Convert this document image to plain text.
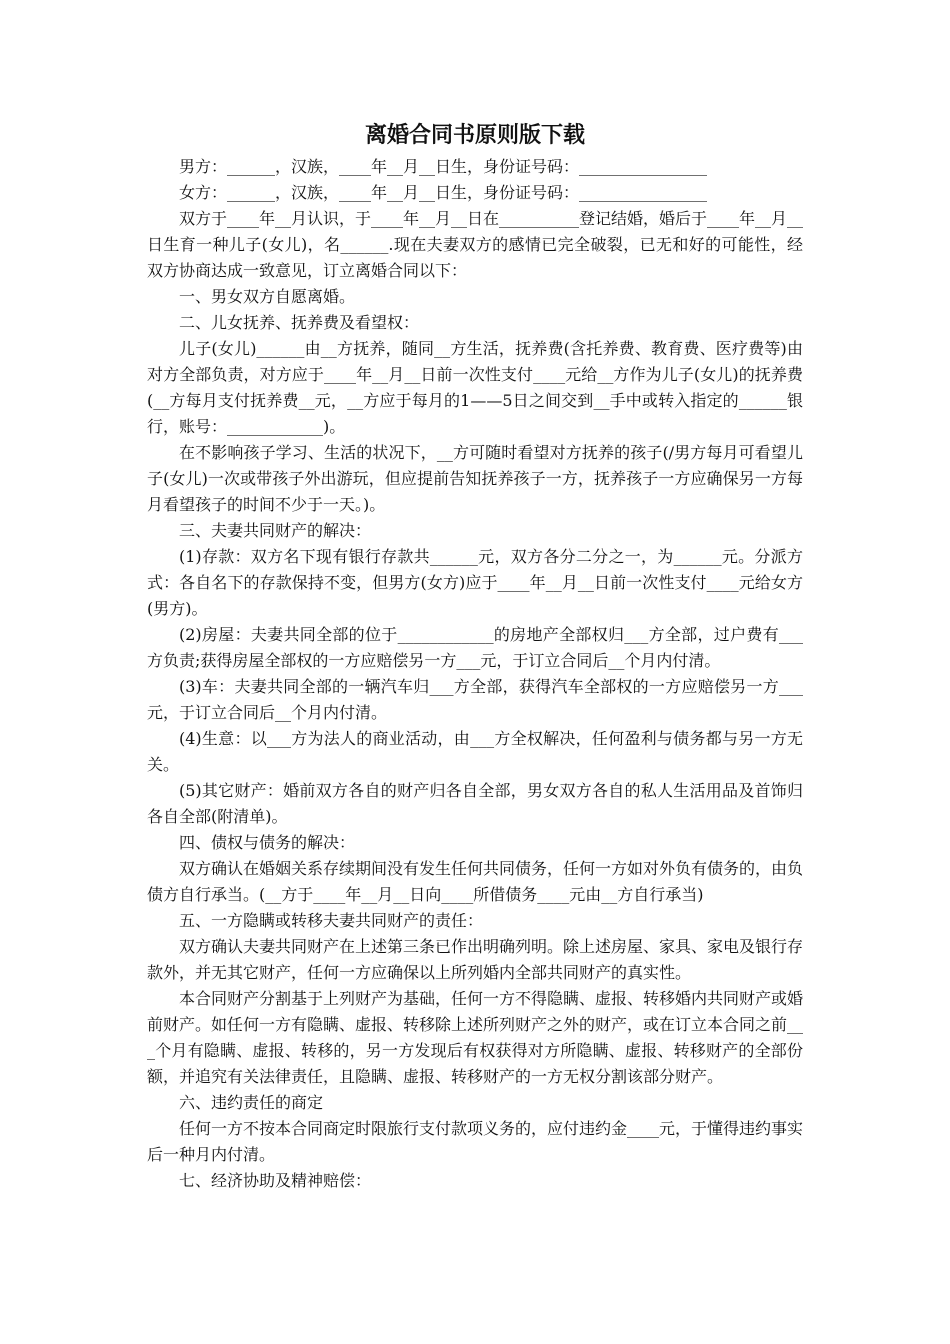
离婚合同书原则版下载

男方：______，汉族，____年__月__日生，身份证号码：________________

女方：______，汉族，____年__月__日生，身份证号码：________________

双方于____年__月认识，于____年__月__日在__________登记结婚，婚后于____年__月__日生育一种儿子(女儿)，名______.现在夫妻双方的感情已完全破裂，已无和好的可能性，经双方协商达成一致意见，订立离婚合同以下：

一、男女双方自愿离婚。

二、儿女抚养、抚养费及看望权：

儿子(女儿)______由__方抚养，随同__方生活，抚养费(含托养费、教育费、医疗费等)由对方全部负责，对方应于____年__月__日前一次性支付____元给__方作为儿子(女儿)的抚养费(__方每月支付抚养费__元，__方应于每月的1——5日之间交到__手中或转入指定的______银行，账号：____________)。

在不影响孩子学习、生活的状况下，__方可随时看望对方抚养的孩子(/男方每月可看望儿子(女儿)一次或带孩子外出游玩，但应提前告知抚养孩子一方，抚养孩子一方应确保另一方每月看望孩子的时间不少于一天。)。

三、夫妻共同财产的解决：

(1)存款：双方名下现有银行存款共______元，双方各分二分之一，为______元。分派方式：各自名下的存款保持不变，但男方(女方)应于____年__月__日前一次性支付____元给女方(男方)。

(2)房屋：夫妻共同全部的位于____________的房地产全部权归___方全部，过户费有___方负责;获得房屋全部权的一方应赔偿另一方___元，于订立合同后__个月内付清。

(3)车：夫妻共同全部的一辆汽车归___方全部，获得汽车全部权的一方应赔偿另一方___元，于订立合同后__个月内付清。

(4)生意：以___方为法人的商业活动，由___方全权解决，任何盈利与债务都与另一方无关。

(5)其它财产：婚前双方各自的财产归各自全部，男女双方各自的私人生活用品及首饰归各自全部(附清单)。

四、债权与债务的解决：

双方确认在婚姻关系存续期间没有发生任何共同债务，任何一方如对外负有债务的，由负债方自行承当。(__方于____年__月__日向____所借债务____元由__方自行承当)

五、一方隐瞒或转移夫妻共同财产的责任：

双方确认夫妻共同财产在上述第三条已作出明确列明。除上述房屋、家具、家电及银行存款外，并无其它财产，任何一方应确保以上所列婚内全部共同财产的真实性。

本合同财产分割基于上列财产为基础，任何一方不得隐瞒、虚报、转移婚内共同财产或婚前财产。如任何一方有隐瞒、虚报、转移除上述所列财产之外的财产，或在订立本合同之前___个月有隐瞒、虚报、转移的，另一方发现后有权获得对方所隐瞒、虚报、转移财产的全部份额，并追究有关法律责任，且隐瞒、虚报、转移财产的一方无权分割该部分财产。

六、违约责任的商定

任何一方不按本合同商定时限旅行支付款项义务的，应付违约金____元，于懂得违约事实后一种月内付清。

七、经济协助及精神赔偿：
